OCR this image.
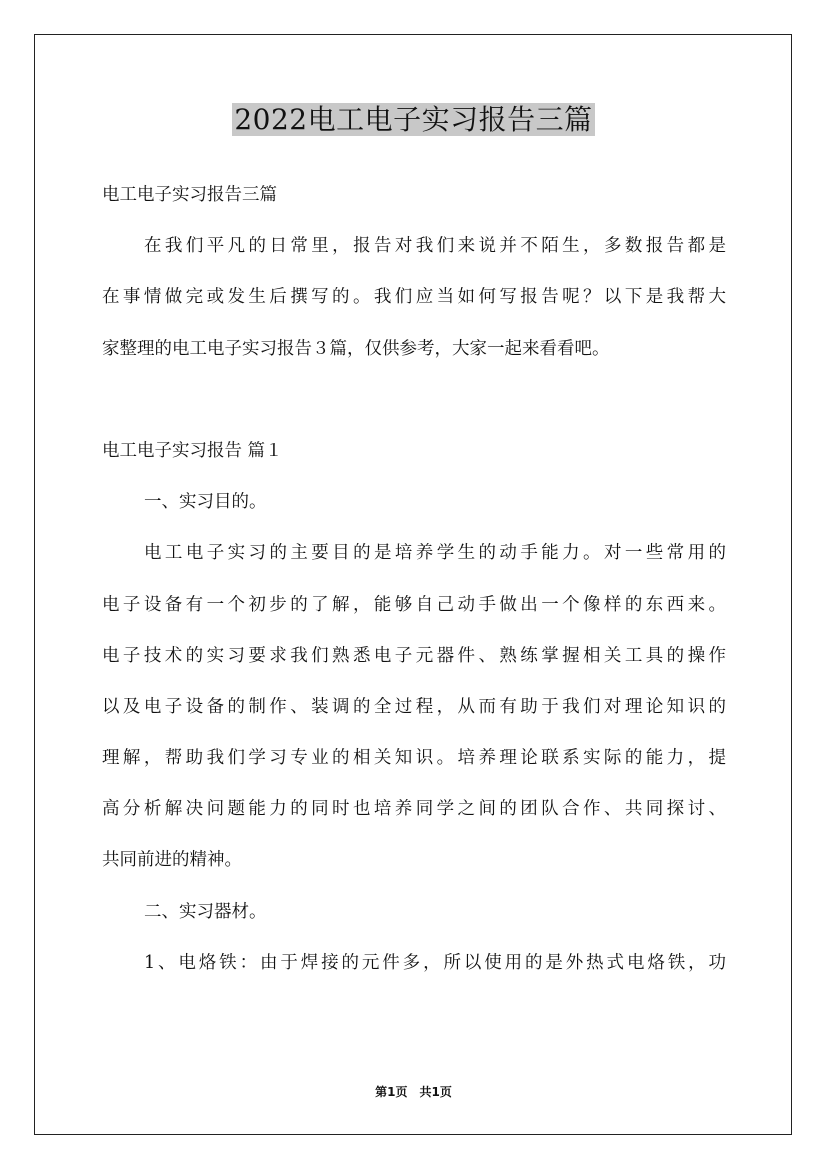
2022电工电子实习报告三篇
电工电子实习报告三篇
在我们平凡的日常里，报告对我们来说并不陌生，多数报告都是
在事情做完或发生后撰写的。我们应当如何写报告呢？以下是我帮大
家整理的电工电子实习报告３篇，仅供参考，大家一起来看看吧。
电工电子实习报告 篇１
一、实习目的。
电工电子实习的主要目的是培养学生的动手能力。对一些常用的
电子设备有一个初步的了解，能够自己动手做出一个像样的东西来。
电子技术的实习要求我们熟悉电子元器件、熟练掌握相关工具的操作
以及电子设备的制作、装调的全过程，从而有助于我们对理论知识的
理解，帮助我们学习专业的相关知识。培养理论联系实际的能力，提
高分析解决问题能力的同时也培养同学之间的团队合作、共同探讨、
共同前进的精神。
二、实习器材。
1、电烙铁：由于焊接的元件多，所以使用的是外热式电烙铁，功
第1页　共1页
